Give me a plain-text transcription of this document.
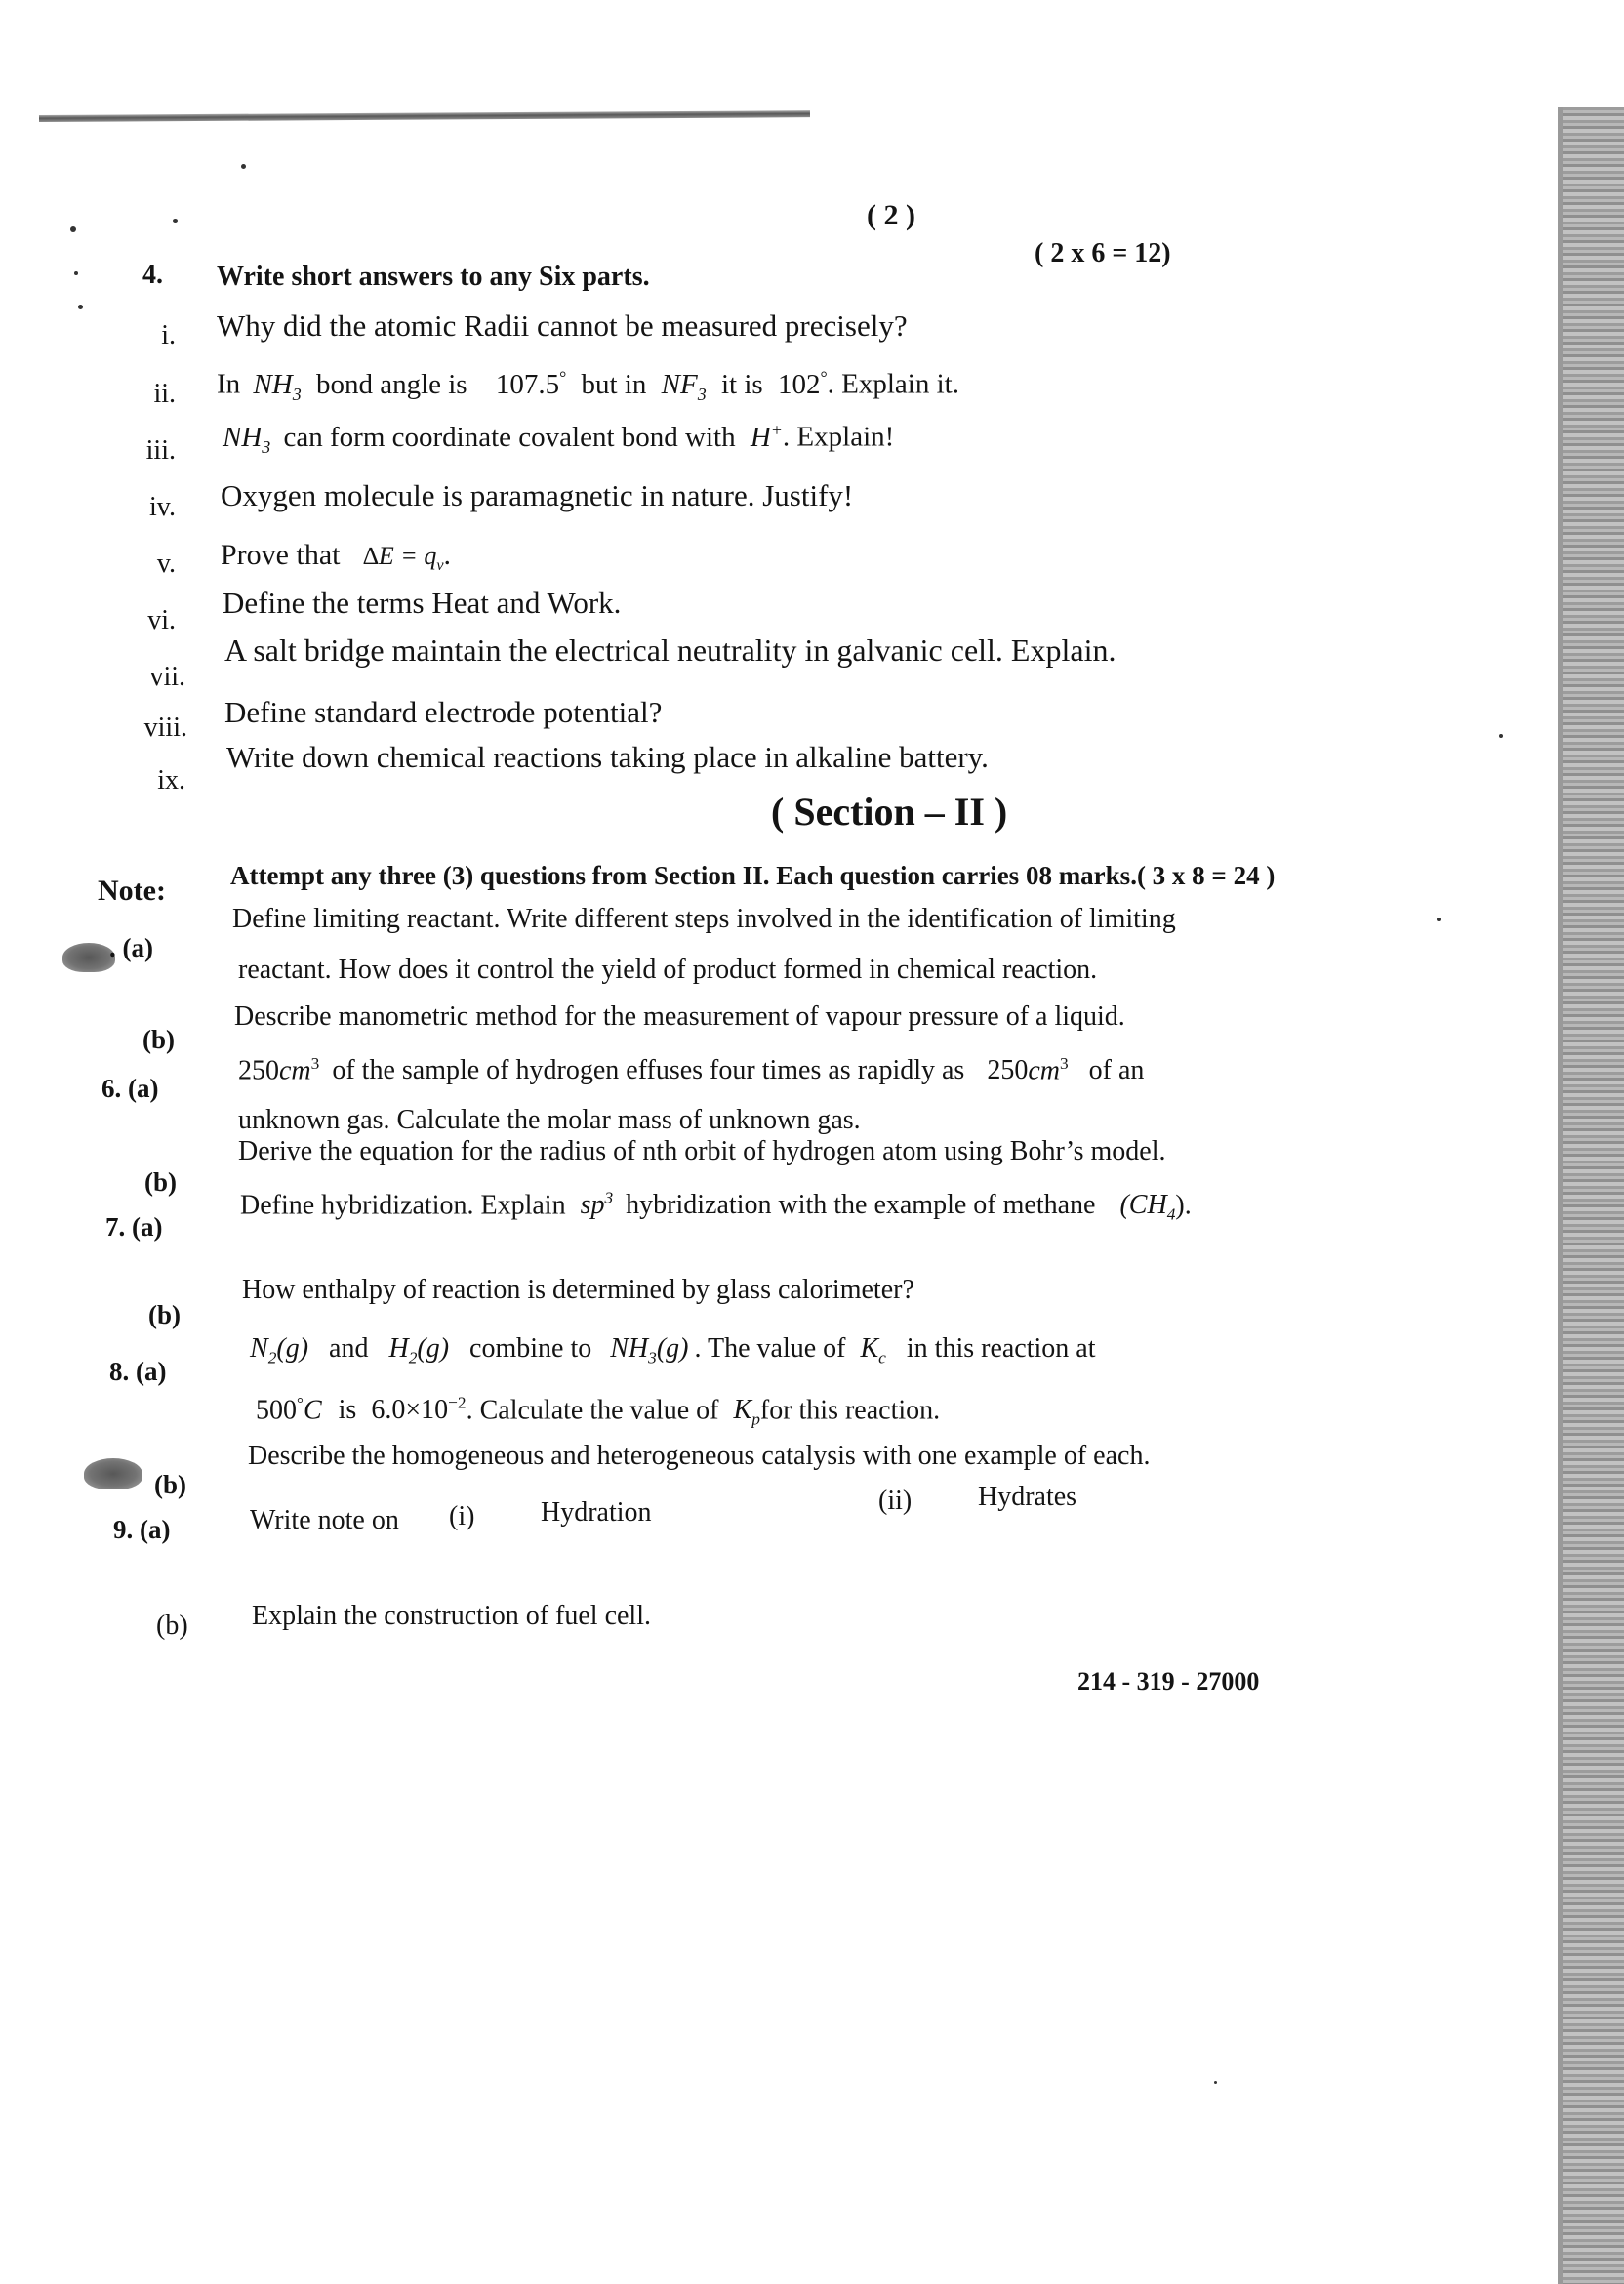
( 2 )
4. Write short answers to any Six parts.
( 2 x 6 = 12)
i. Why did the atomic Radii cannot be measured precisely?
ii. In $NH_3$ bond angle is 107.5° but in $NF_3$ it is 102°. Explain it.
iii. $NH_3$ can form coordinate covalent bond with H+. Explain!
iv. Oxygen molecule is paramagnetic in nature. Justify!
v. Prove that $\Delta E = q_v$.
vi.
Define the terms Heat and Work.
vii.
A salt bridge maintain the electrical neutrality in galvanic cell. Explain.
viii. Define standard electrode potential?
ix.
Write down chemical reactions taking place in alkaline battery.
( Section – II )
Note: Attempt any three (3) questions from Section II. Each question carries 08 marks.( 3 x 8 = 24 )
. (a)
Define limiting reactant. Write different steps involved in the identification of limiting
reactant. How does it control the yield of product formed in chemical reaction.
(b)
Describe manometric method for the measurement of vapour pressure of a liquid.
6. (a)
$250cm^3$ of the sample of hydrogen effuses four times as rapidly as $250cm^3$ of an
unknown gas. Calculate the molar mass of unknown gas.
(b)
Derive the equation for the radius of nth orbit of hydrogen atom using Bohr’s model.
7. (a)
Define hybridization. Explain $sp^3$ hybridization with the example of methane $(CH_4)$.
(b)
How enthalpy of reaction is determined by glass calorimeter?
8. (a)
$N_2(g)$ and $H_2(g)$ combine to $NH_3(g)$ . The value of $K_c$ in this reaction at
500°C is $6.0\times 10^{-2}$. Calculate the value of $K_pfor$ this reaction.
(b)
Describe the homogeneous and heterogeneous catalysis with one example of each.
9. (a)	Write note on (i) Hydration	(ii) Hydrates
(b) Explain the construction of fuel cell.
214 - 319 - 27000
